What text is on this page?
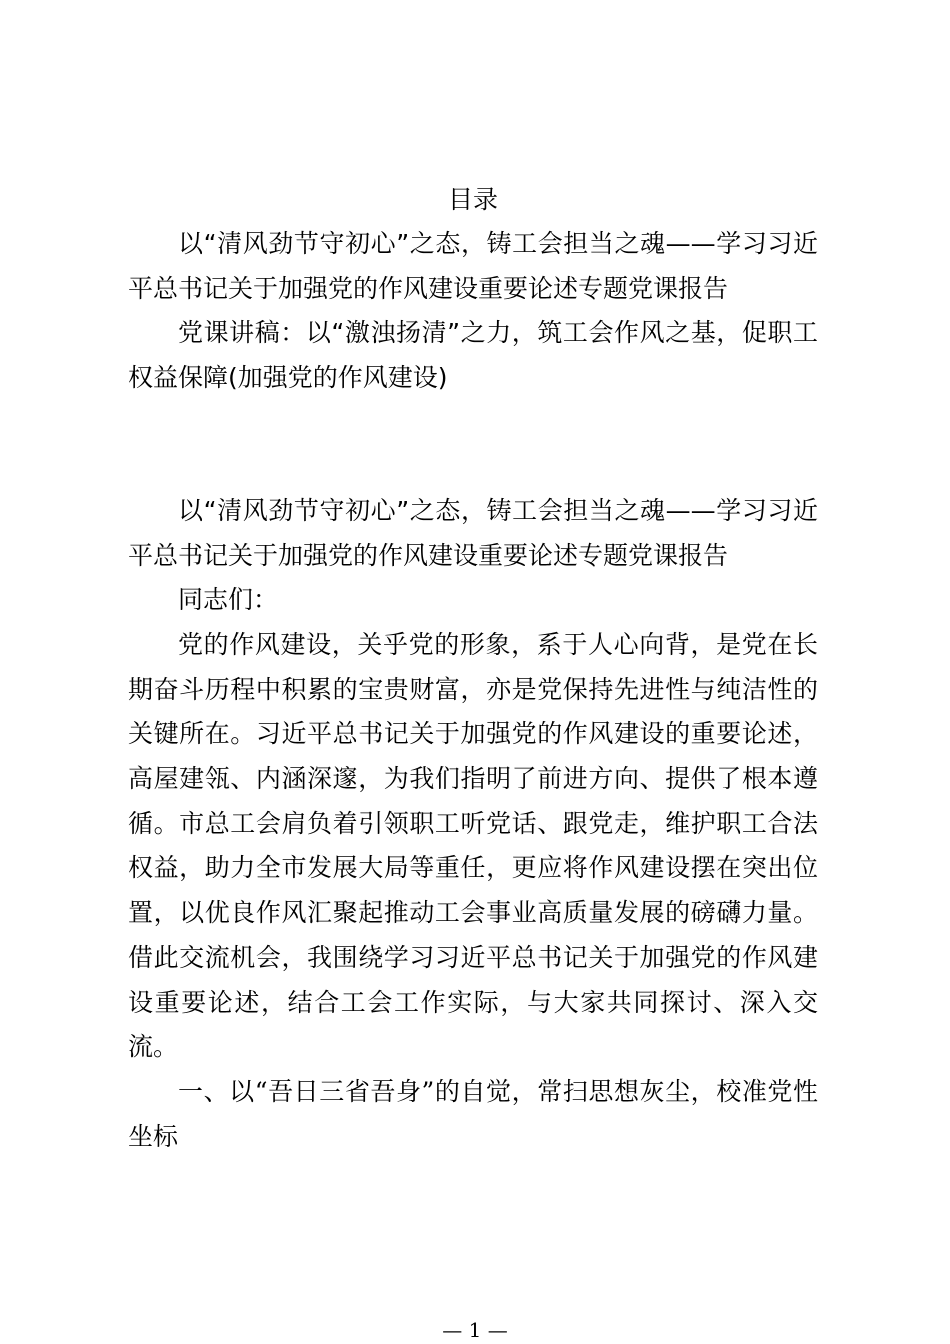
目录
以“清风劲节守初心”之态，铸工会担当之魂——学习习近平总书记关于加强党的作风建设重要论述专题党课报告
党课讲稿：以“激浊扬清”之力，筑工会作风之基，促职工权益保障(加强党的作风建设)

以“清风劲节守初心”之态，铸工会担当之魂——学习习近平总书记关于加强党的作风建设重要论述专题党课报告

同志们：

党的作风建设，关乎党的形象，系于人心向背，是党在长期奋斗历程中积累的宝贵财富，亦是党保持先进性与纯洁性的关键所在。习近平总书记关于加强党的作风建设的重要论述，高屋建瓴、内涵深邃，为我们指明了前进方向、提供了根本遵循。市总工会肩负着引领职工听党话、跟党走，维护职工合法权益，助力全市发展大局等重任，更应将作风建设摆在突出位置，以优良作风汇聚起推动工会事业高质量发展的磅礴力量。借此交流机会，我围绕学习习近平总书记关于加强党的作风建设重要论述，结合工会工作实际，与大家共同探讨、深入交流。

一、以“吾日三省吾身”的自觉，常扫思想灰尘，校准党性坐标

— 1 —
